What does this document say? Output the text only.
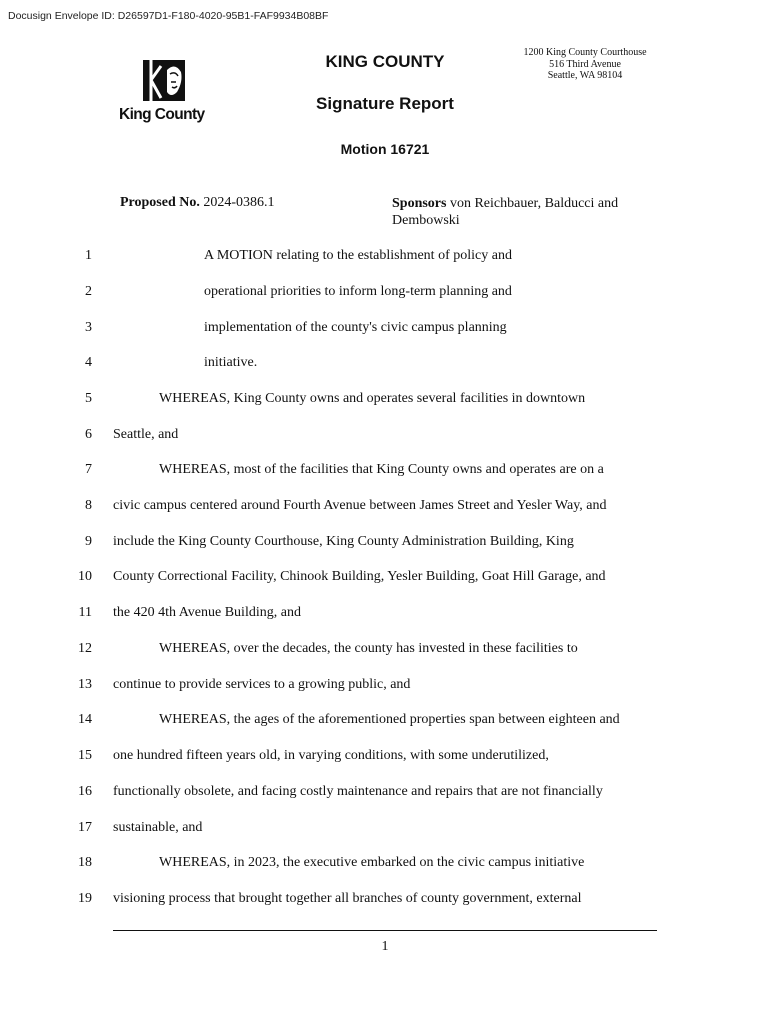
Docusign Envelope ID: D26597D1-F180-4020-95B1-FAF9934B08BF
King County
KING COUNTY
Signature Report
Motion 16721
1200 King County Courthouse
516 Third Avenue
Seattle, WA 98104
Proposed No. 2024-0386.1	Sponsors von Reichbauer, Balducci and Dembowski
1	A MOTION relating to the establishment of policy and
2	operational priorities to inform long-term planning and
3	implementation of the county's civic campus planning
4	initiative.
5	WHEREAS, King County owns and operates several facilities in downtown
6 Seattle, and
7	WHEREAS, most of the facilities that King County owns and operates are on a
8 civic campus centered around Fourth Avenue between James Street and Yesler Way, and
9 include the King County Courthouse, King County Administration Building, King
10 County Correctional Facility, Chinook Building, Yesler Building, Goat Hill Garage, and
11 the 420 4th Avenue Building, and
12	WHEREAS, over the decades, the county has invested in these facilities to
13 continue to provide services to a growing public, and
14	WHEREAS, the ages of the aforementioned properties span between eighteen and
15 one hundred fifteen years old, in varying conditions, with some underutilized,
16 functionally obsolete, and facing costly maintenance and repairs that are not financially
17 sustainable, and
18	WHEREAS, in 2023, the executive embarked on the civic campus initiative
19 visioning process that brought together all branches of county government, external
1
